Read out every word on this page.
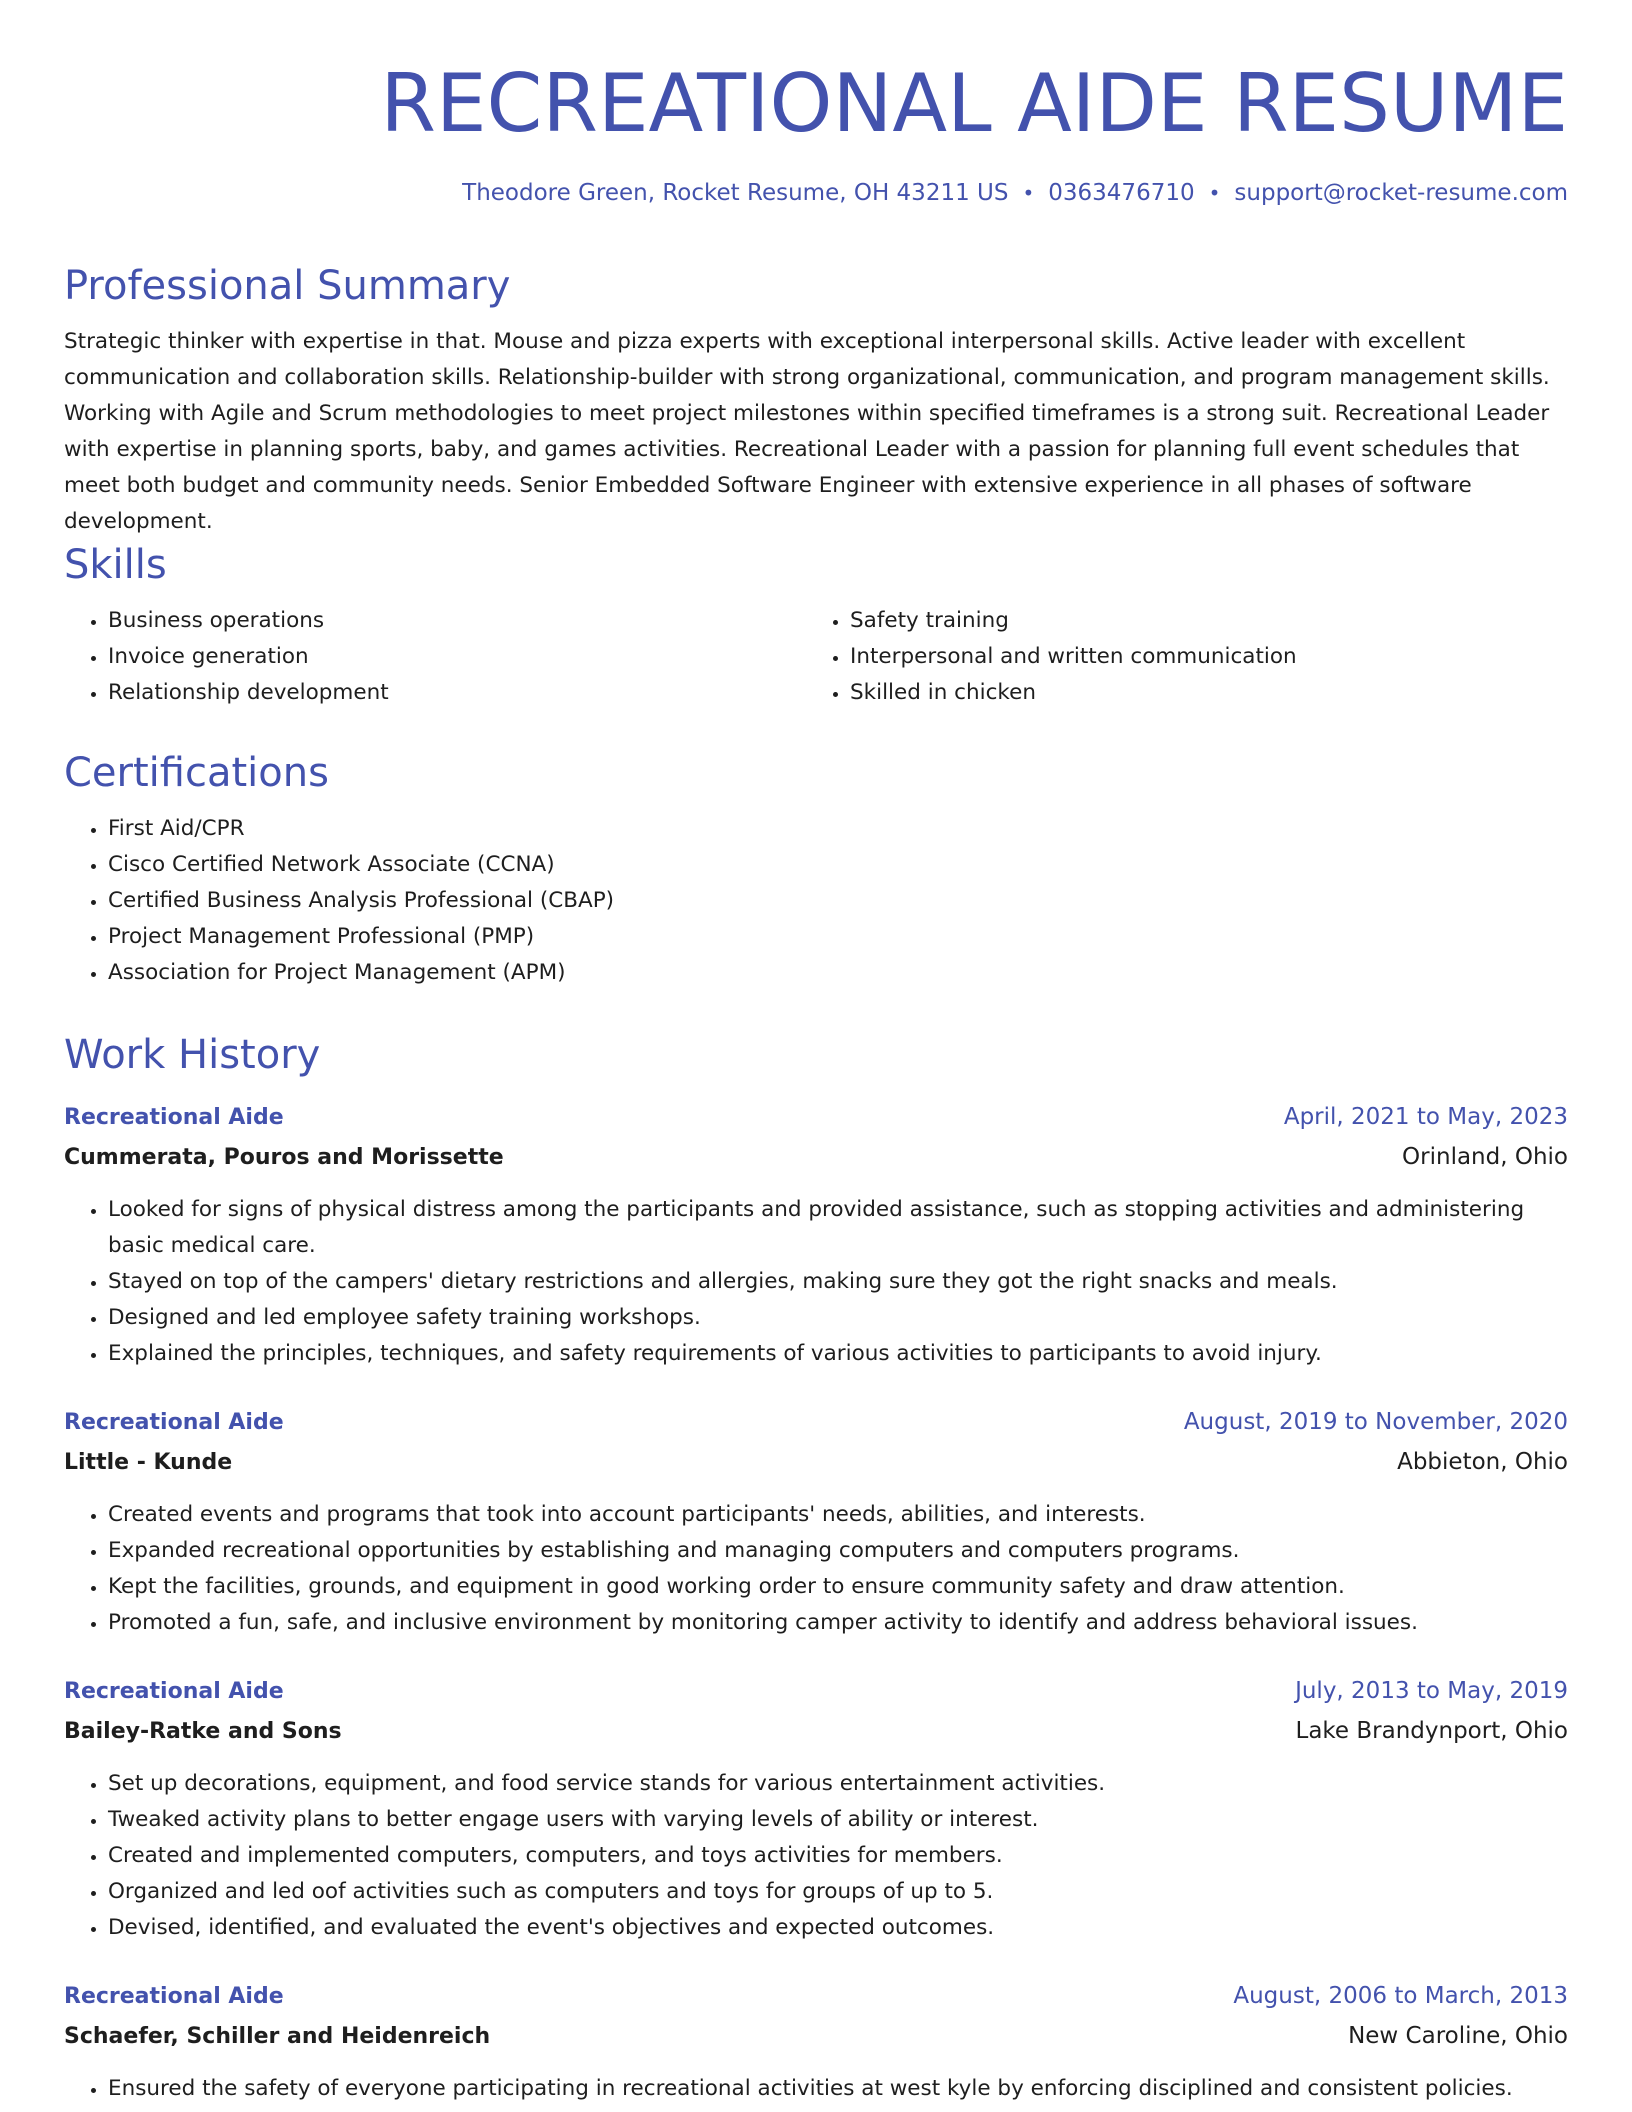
RECREATIONAL AIDE RESUME
Theodore Green, Rocket Resume, OH 43211 US • 0363476710 • support@rocket-resume.com
Professional Summary

Strategic thinker with expertise in that. Mouse and pizza experts with exceptional interpersonal skills. Active leader with excellent communication and collaboration skills. Relationship-builder with strong organizational, communication, and program management skills. Working with Agile and Scrum methodologies to meet project milestones within specified timeframes is a strong suit. Recreational Leader with expertise in planning sports, baby, and games activities. Recreational Leader with a passion for planning full event schedules that meet both budget and community needs. Senior Embedded Software Engineer with extensive experience in all phases of software development.

Skills
• Business operations
• Invoice generation
• Relationship development
• Safety training
• Interpersonal and written communication
• Skilled in chicken
Certifications
• First Aid/CPR
• Cisco Certified Network Associate (CCNA)
• Certified Business Analysis Professional (CBAP)
• Project Management Professional (PMP)
• Association for Project Management (APM)
Work History
Recreational Aide	April, 2021 to May, 2023
Cummerata, Pouros and Morissette	Orinland, Ohio
• Looked for signs of physical distress among the participants and provided assistance, such as stopping activities and administering basic medical care.
• Stayed on top of the campers' dietary restrictions and allergies, making sure they got the right snacks and meals.
• Designed and led employee safety training workshops.
• Explained the principles, techniques, and safety requirements of various activities to participants to avoid injury.
Recreational Aide	August, 2019 to November, 2020
Little - Kunde	Abbieton, Ohio
• Created events and programs that took into account participants' needs, abilities, and interests.
• Expanded recreational opportunities by establishing and managing computers and computers programs.
• Kept the facilities, grounds, and equipment in good working order to ensure community safety and draw attention.
• Promoted a fun, safe, and inclusive environment by monitoring camper activity to identify and address behavioral issues.
Recreational Aide	July, 2013 to May, 2019
Bailey-Ratke and Sons	Lake Brandynport, Ohio
• Set up decorations, equipment, and food service stands for various entertainment activities.
• Tweaked activity plans to better engage users with varying levels of ability or interest.
• Created and implemented computers, computers, and toys activities for members.
• Organized and led oof activities such as computers and toys for groups of up to 5.
• Devised, identified, and evaluated the event's objectives and expected outcomes.
Recreational Aide	August, 2006 to March, 2013
Schaefer, Schiller and Heidenreich	New Caroline, Ohio
• Ensured the safety of everyone participating in recreational activities at west kyle by enforcing disciplined and consistent policies.
